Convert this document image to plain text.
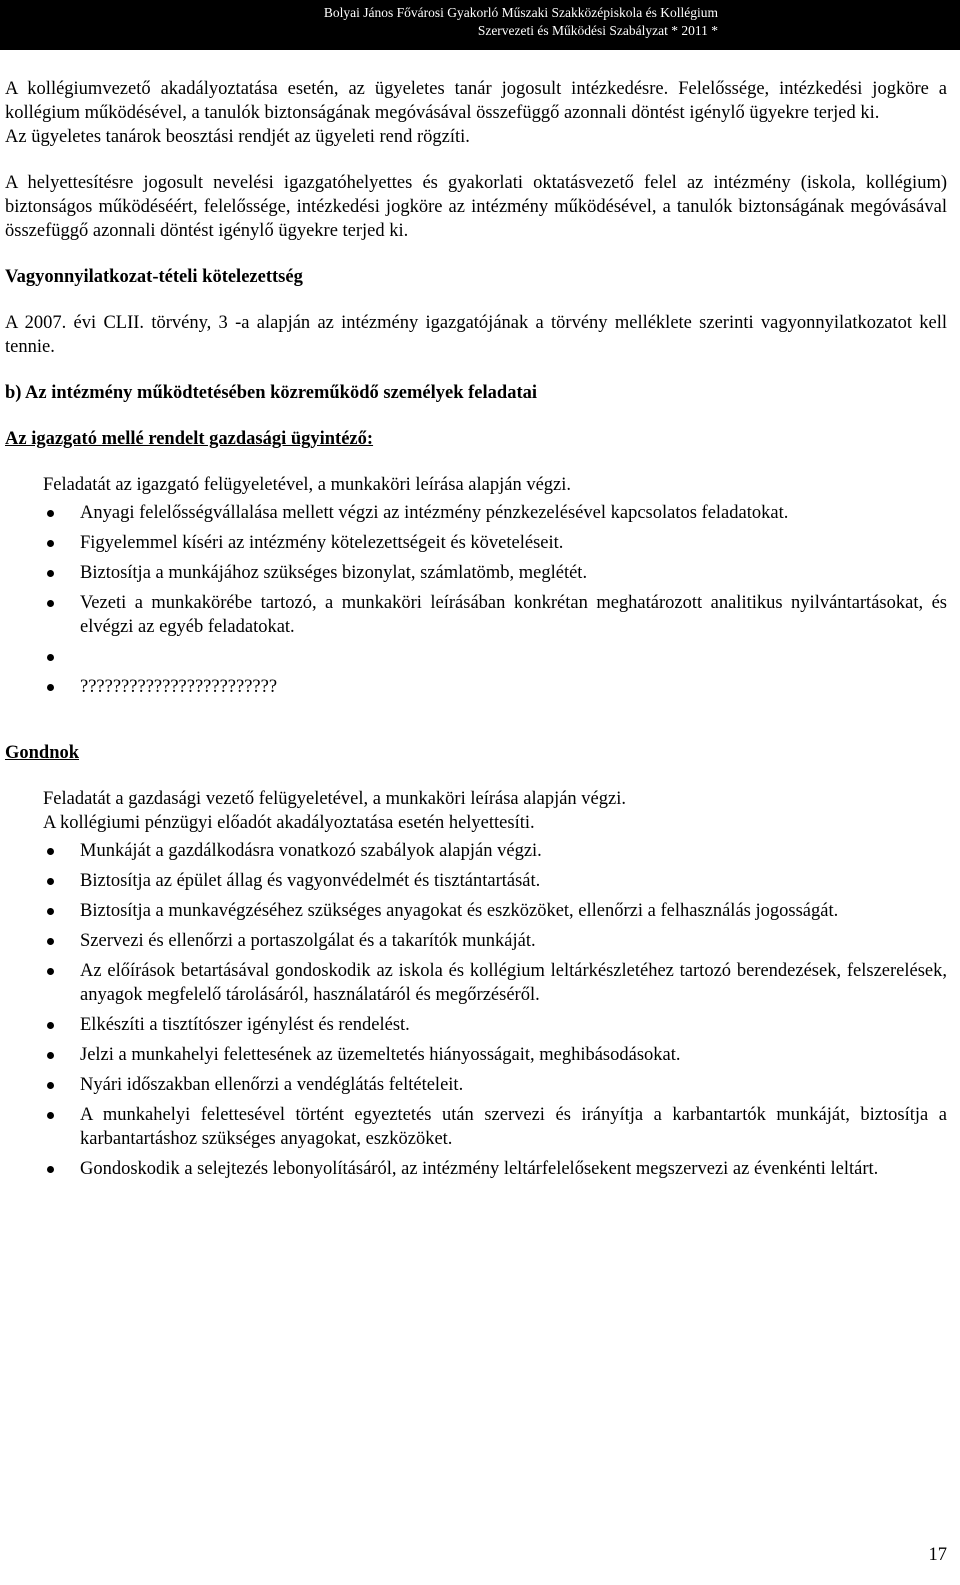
Bolyai János Fővárosi Gyakorló Műszaki Szakközépiskola és Kollégium
Szervezeti és Működési Szabályzat * 2011 *

A kollégiumvezető akadályoztatása esetén, az ügyeletes tanár jogosult intézkedésre. Felelőssége, intézkedési jogköre a kollégium működésével, a tanulók biztonságának megóvásával összefüggő azonnali döntést igénylő ügyekre terjed ki.

Az ügyeletes tanárok beosztási rendjét az ügyeleti rend rögzíti.

A helyettesítésre jogosult nevelési igazgatóhelyettes és gyakorlati oktatásvezető felel az intézmény (iskola, kollégium) biztonságos működéséért, felelőssége, intézkedési jogköre az intézmény működésével, a tanulók biztonságának megóvásával összefüggő azonnali döntést igénylő ügyekre terjed ki.

Vagyonnyilatkozat-tételi kötelezettség

A 2007. évi CLII. törvény, 3 -a alapján az intézmény igazgatójának a törvény melléklete szerinti vagyonnyilatkozatot kell tennie.

b) Az intézmény működtetésében közreműködő személyek feladatai
Az igazgató mellé rendelt gazdasági ügyintéző:

Feladatát az igazgató felügyeletével, a munkaköri leírása alapján végzi.

Anyagi felelősségvállalása mellett végzi az intézmény pénzkezelésével kapcsolatos feladatokat.
Figyelemmel kíséri az intézmény kötelezettségeit és követeléseit.
Biztosítja a munkájához szükséges bizonylat, számlatömb, meglétét.
Vezeti a munkakörébe tartozó, a munkaköri leírásában konkrétan meghatározott analitikus nyilvántartásokat, és elvégzi az egyéb feladatokat.
????????????????????????
Gondnok

Feladatát a gazdasági vezető felügyeletével, a munkaköri leírása alapján végzi.

A kollégiumi pénzügyi előadót akadályoztatása esetén helyettesíti.

Munkáját a gazdálkodásra vonatkozó szabályok alapján végzi.
Biztosítja az épület állag és vagyonvédelmét és tisztántartását.
Biztosítja a munkavégzéséhez szükséges anyagokat és eszközöket, ellenőrzi a felhasználás jogosságát.
Szervezi és ellenőrzi a portaszolgálat és a takarítók munkáját.
Az előírások betartásával gondoskodik az iskola és kollégium leltárkészletéhez tartozó berendezések, felszerelések, anyagok megfelelő tárolásáról, használatáról és megőrzéséről.
Elkészíti a tisztítószer igénylést és rendelést.
Jelzi a munkahelyi felettesének az üzemeltetés hiányosságait, meghibásodásokat.
Nyári időszakban ellenőrzi a vendéglátás feltételeit.
A munkahelyi felettesével történt egyeztetés után szervezi és irányítja a karbantartók munkáját, biztosítja a karbantartáshoz szükséges anyagokat, eszközöket.
Gondoskodik a selejtezés lebonyolításáról, az intézmény leltárfelelősekent megszervezi az évenkénti leltárt.
17
